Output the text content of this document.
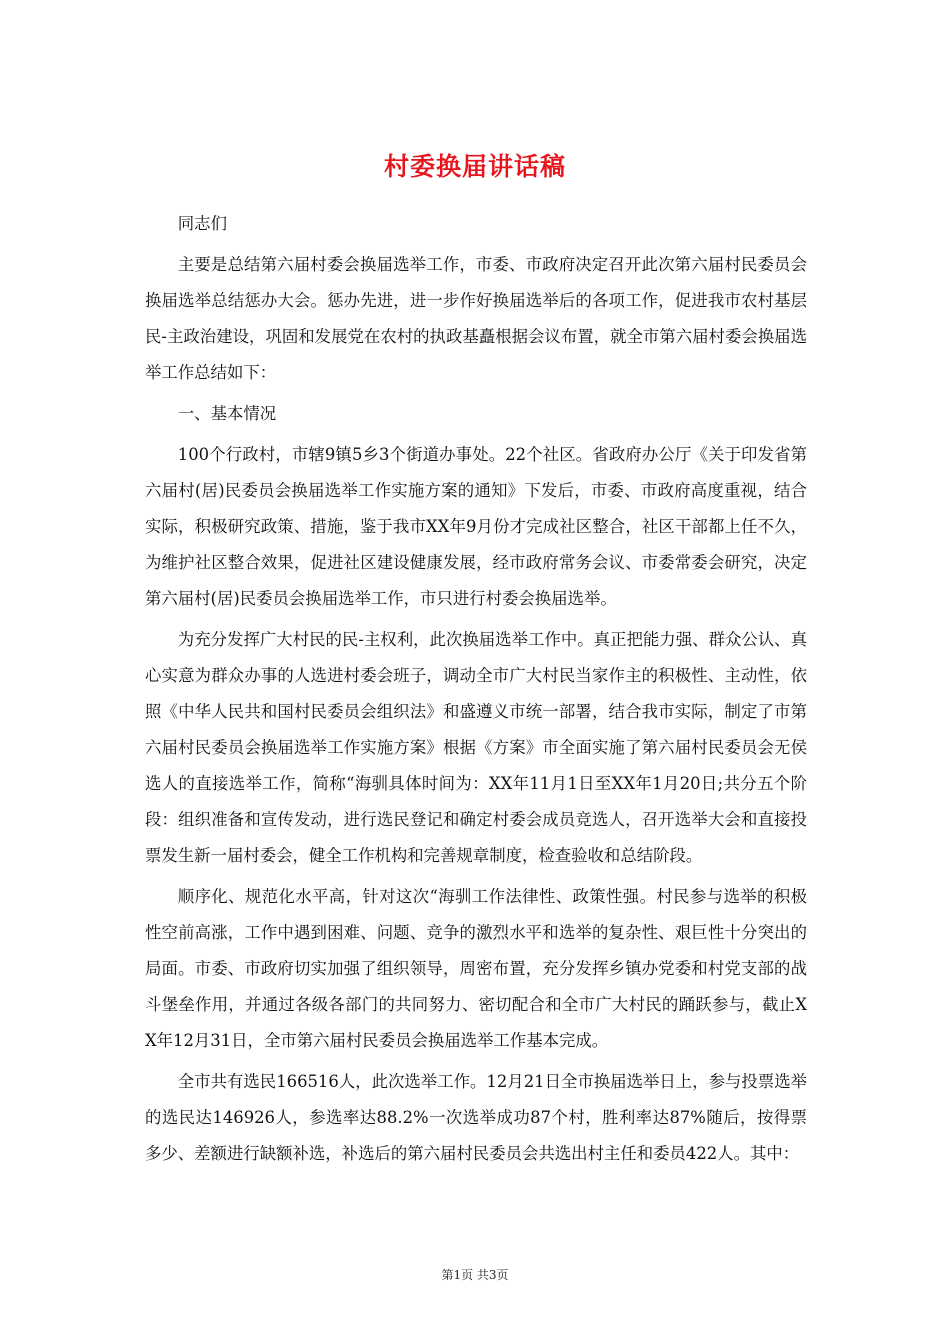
村委换届讲话稿

同志们

主要是总结第六届村委会换届选举工作，市委、市政府决定召开此次第六届村民委员会换届选举总结惩办大会。惩办先进，进一步作好换届选举后的各项工作，促进我市农村基层民-主政治建设，巩固和发展党在农村的执政基矗根据会议布置，就全市第六届村委会换届选举工作总结如下：

一、基本情况

100个行政村，市辖9镇5乡3个街道办事处。22个社区。省政府办公厅《关于印发省第六届村(居)民委员会换届选举工作实施方案的通知》下发后，市委、市政府高度重视，结合实际，积极研究政策、措施，鉴于我市XX年9月份才完成社区整合，社区干部都上任不久，为维护社区整合效果，促进社区建设健康发展，经市政府常务会议、市委常委会研究，决定第六届村(居)民委员会换届选举工作，市只进行村委会换届选举。

为充分发挥广大村民的民-主权利，此次换届选举工作中。真正把能力强、群众公认、真心实意为群众办事的人选进村委会班子，调动全市广大村民当家作主的积极性、主动性，依照《中华人民共和国村民委员会组织法》和盛遵义市统一部署，结合我市实际，制定了市第六届村民委员会换届选举工作实施方案》根据《方案》市全面实施了第六届村民委员会无侯选人的直接选举工作，简称“海驯具体时间为：XX年11月1日至XX年1月20日;共分五个阶段：组织准备和宣传发动，进行选民登记和确定村委会成员竞选人，召开选举大会和直接投票发生新一届村委会，健全工作机构和完善规章制度，检查验收和总结阶段。

顺序化、规范化水平高，针对这次“海驯工作法律性、政策性强。村民参与选举的积极性空前高涨，工作中遇到困难、问题、竞争的激烈水平和选举的复杂性、艰巨性十分突出的局面。市委、市政府切实加强了组织领导，周密布置，充分发挥乡镇办党委和村党支部的战斗堡垒作用，并通过各级各部门的共同努力、密切配合和全市广大村民的踊跃参与，截止XX年12月31日，全市第六届村民委员会换届选举工作基本完成。

全市共有选民166516人，此次选举工作。12月21日全市换届选举日上，参与投票选举的选民达146926人，参选率达88.2%一次选举成功87个村，胜利率达87%随后，按得票多少、差额进行缺额补选，补选后的第六届村民委员会共选出村主任和委员422人。其中：

第1页 共3页
